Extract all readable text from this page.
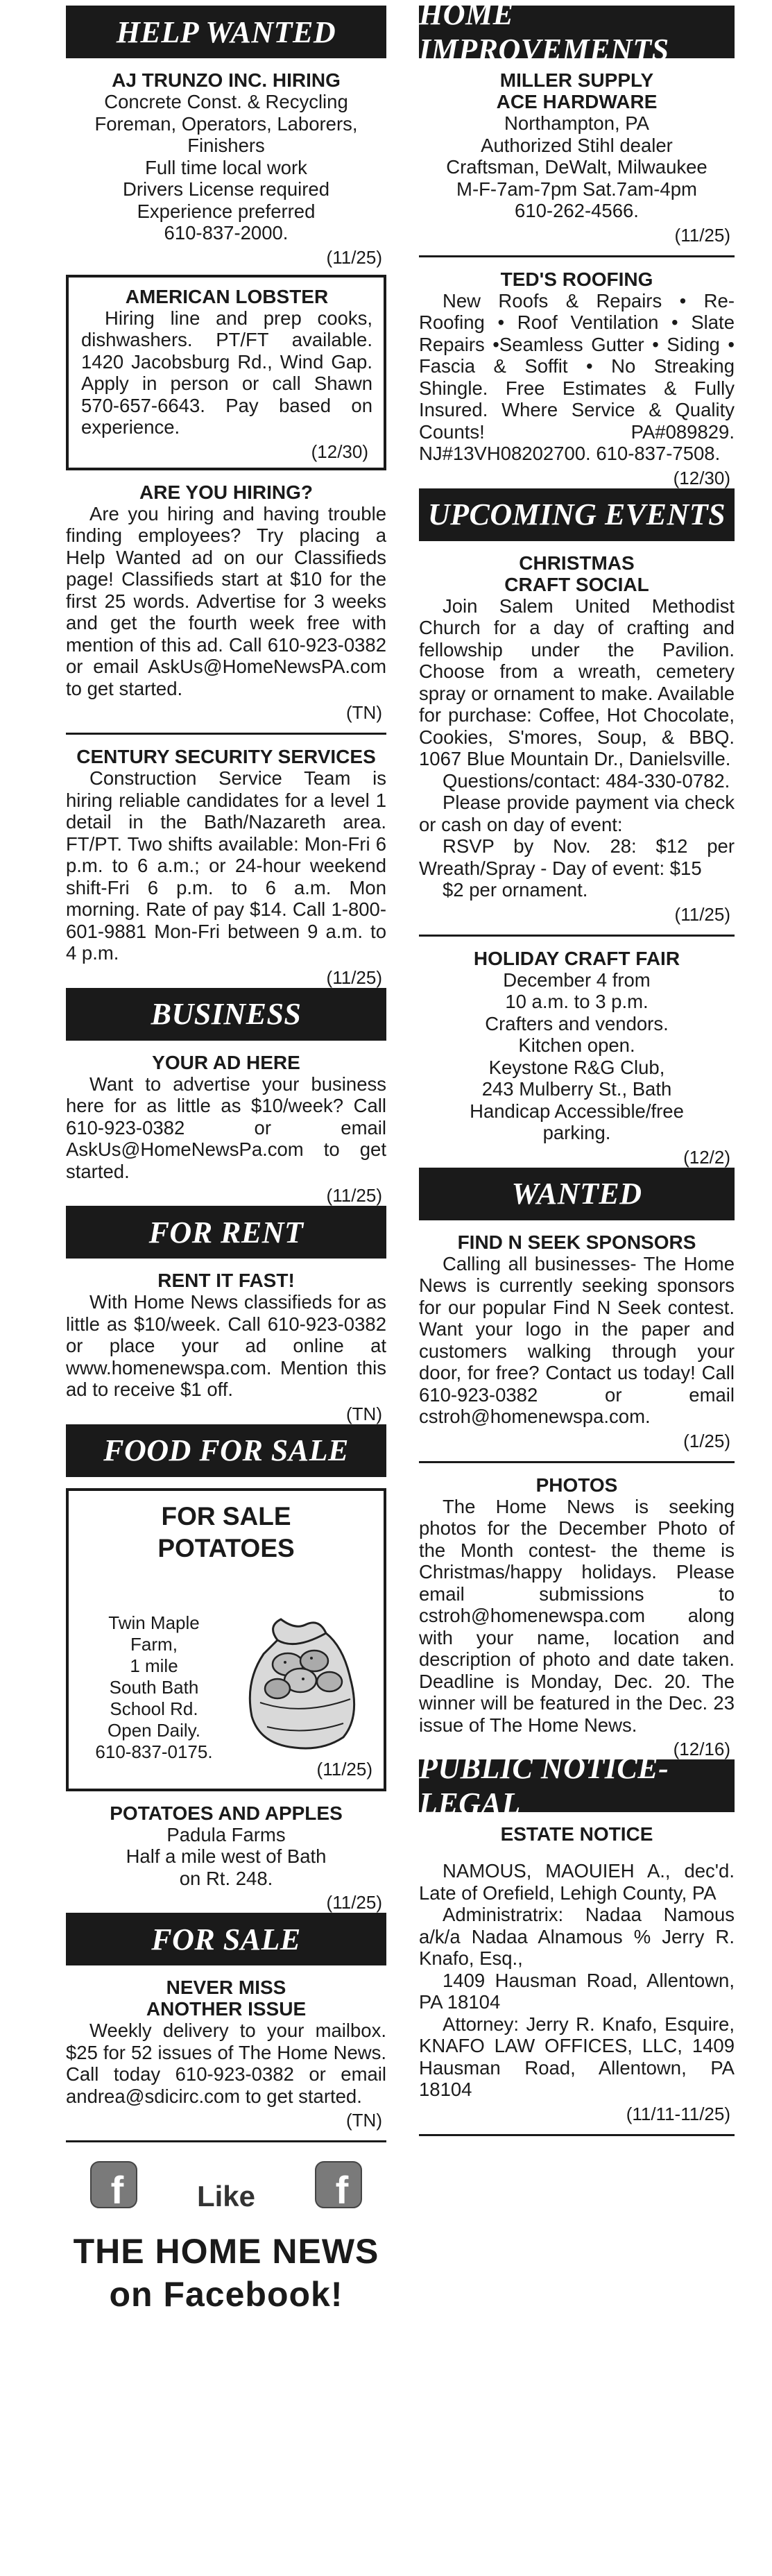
HELP WANTED

AJ TRUNZO INC. HIRING

Concrete Const. & Recycling

Foreman, Operators, Laborers,

Finishers

Full time local work

Drivers License required

Experience preferred

610-837-2000.

(11/25)

AMERICAN LOBSTER

Hiring line and prep cooks, dishwashers. PT/FT available. 1420 Jacobsburg Rd., Wind Gap. Apply in person or call Shawn 570-657-6643. Pay based on experience.

(12/30)

ARE YOU HIRING?

Are you hiring and having trouble finding employees? Try placing a Help Wanted ad on our Classifieds page! Classifieds start at $10 for the first 25 words. Advertise for 3 weeks and get the fourth week free with mention of this ad. Call 610-923-0382 or email AskUs@HomeNewsPA.com to get started.

(TN)

CENTURY SECURITY SERVICES

Construction Service Team is hiring reliable candidates for a level 1 detail in the Bath/Nazareth area. FT/PT. Two shifts available: Mon-Fri 6 p.m. to 6 a.m.; or 24-hour weekend shift-Fri 6 p.m. to 6 a.m. Mon morning. Rate of pay $14. Call 1-800-601-9881 Mon-Fri between 9 a.m. to 4 p.m.

(11/25)
BUSINESS

YOUR AD HERE

Want to advertise your business here for as little as $10/week? Call 610-923-0382 or email AskUs@HomeNewsPa.com to get started.

(11/25)
FOR RENT

RENT IT FAST!

With Home News classifieds for as little as $10/week. Call 610-923-0382 or place your ad online at www.homenewspa.com. Mention this ad to receive $1 off.

(TN)
FOOD FOR SALE
FOR SALE
POTATOES
Twin Maple
Farm,
1 mile
South Bath
School Rd.
Open Daily.
610-837-0175.
(11/25)

POTATOES AND APPLES

Padula Farms

Half a mile west of Bath

on Rt. 248.

(11/25)
FOR SALE

NEVER MISS

ANOTHER ISSUE

Weekly delivery to your mailbox. $25 for 52 issues of The Home News. Call today 610-923-0382 or email andrea@sdicirc.com to get started.

(TN)
f	f
Like
THE HOME NEWS
on Facebook!
HOME IMPROVEMENTS

MILLER SUPPLY

ACE HARDWARE

Northampton, PA

Authorized Stihl dealer

Craftsman, DeWalt, Milwaukee

M-F-7am-7pm Sat.7am-4pm

610-262-4566.

(11/25)

TED'S ROOFING

New Roofs & Repairs • Re-Roofing • Roof Ventilation • Slate Repairs •Seamless Gutter • Siding • Fascia & Soffit • No Streaking Shingle. Free Estimates & Fully Insured. Where Service & Quality Counts! PA#089829. NJ#13VH08202700. 610-837-7508.

(12/30)
UPCOMING EVENTS

CHRISTMAS

CRAFT SOCIAL

Join Salem United Methodist Church for a day of crafting and fellowship under the Pavilion. Choose from a wreath, cemetery spray or ornament to make. Available for purchase: Coffee, Hot Chocolate, Cookies, S'mores, Soup, & BBQ. 1067 Blue Mountain Dr., Danielsville.

Questions/contact: 484-330-0782.

Please provide payment via check or cash on day of event:

RSVP by Nov. 28: $12 per Wreath/Spray - Day of event: $15

$2 per ornament.

(11/25)

HOLIDAY CRAFT FAIR

December 4 from

10 a.m. to 3 p.m.

Crafters and vendors.

Kitchen open.

Keystone R&G Club,

243 Mulberry St., Bath

Handicap Accessible/free

parking.

(12/2)
WANTED

FIND N SEEK SPONSORS

Calling all businesses- The Home News is currently seeking sponsors for our popular Find N Seek contest. Want your logo in the paper and customers walking through your door, for free? Contact us today! Call 610-923-0382 or email cstroh@homenewspa.com.

(1/25)

PHOTOS

The Home News is seeking photos for the December Photo of the Month contest- the theme is Christmas/happy holidays. Please email submissions to cstroh@homenewspa.com along with your name, location and description of photo and date taken. Deadline is Monday, Dec. 20. The winner will be featured in the Dec. 23 issue of The Home News.

(12/16)
PUBLIC NOTICE-LEGAL

ESTATE NOTICE

NAMOUS, MAOUIEH A., dec'd. Late of Orefield, Lehigh County, PA

Administratrix: Nadaa Namous a/k/a Nadaa Alnamous % Jerry R. Knafo, Esq.,

1409 Hausman Road, Allentown, PA 18104

Attorney: Jerry R. Knafo, Esquire, KNAFO LAW OFFICES, LLC, 1409 Hausman Road, Allentown, PA 18104

(11/11-11/25)
